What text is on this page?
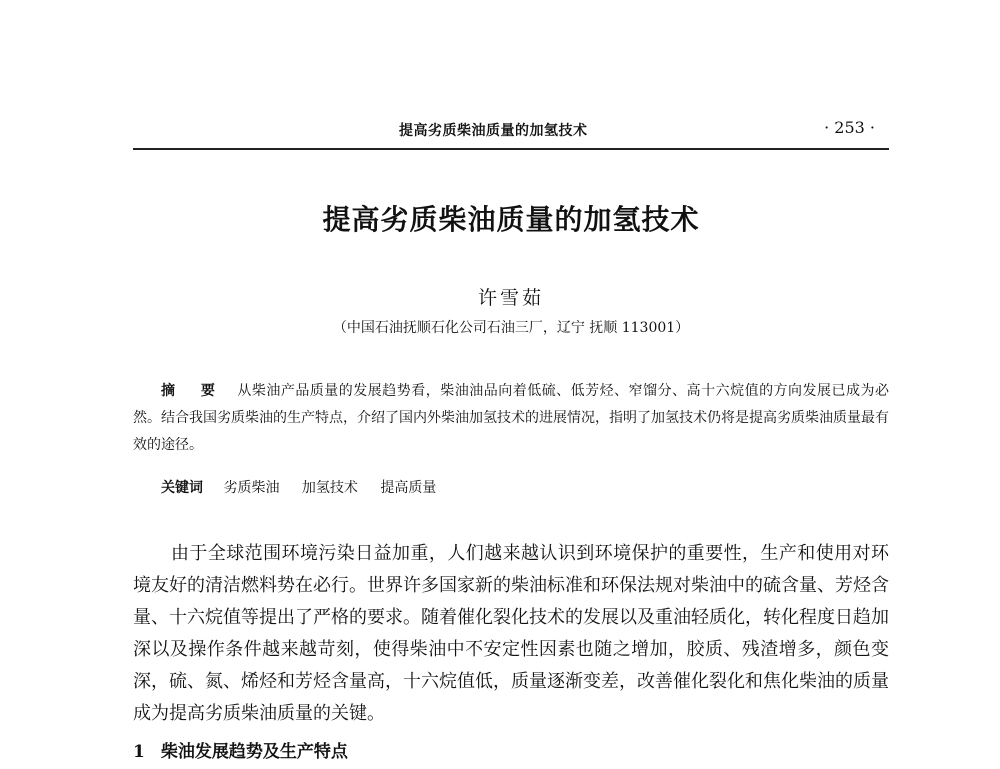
提高劣质柴油质量的加氢技术	· 253 ·
提高劣质柴油质量的加氢技术
许雪茹
（中国石油抚顺石化公司石油三厂，辽宁 抚顺 113001）
摘 要 从柴油产品质量的发展趋势看，柴油油品向着低硫、低芳烃、窄馏分、高十六烷值的方向发展已成为必然。结合我国劣质柴油的生产特点，介绍了国内外柴油加氢技术的进展情况，指明了加氢技术仍将是提高劣质柴油质量最有效的途径。
关键词 劣质柴油 加氢技术 提高质量
由于全球范围环境污染日益加重，人们越来越认识到环境保护的重要性，生产和使用对环境友好的清洁燃料势在必行。世界许多国家新的柴油标准和环保法规对柴油中的硫含量、芳烃含量、十六烷值等提出了严格的要求。随着催化裂化技术的发展以及重油轻质化，转化程度日趋加深以及操作条件越来越苛刻，使得柴油中不安定性因素也随之增加，胶质、残渣增多，颜色变深，硫、氮、烯烃和芳烃含量高，十六烷值低，质量逐渐变差，改善催化裂化和焦化柴油的质量成为提高劣质柴油质量的关键。
1 柴油发展趋势及生产特点
